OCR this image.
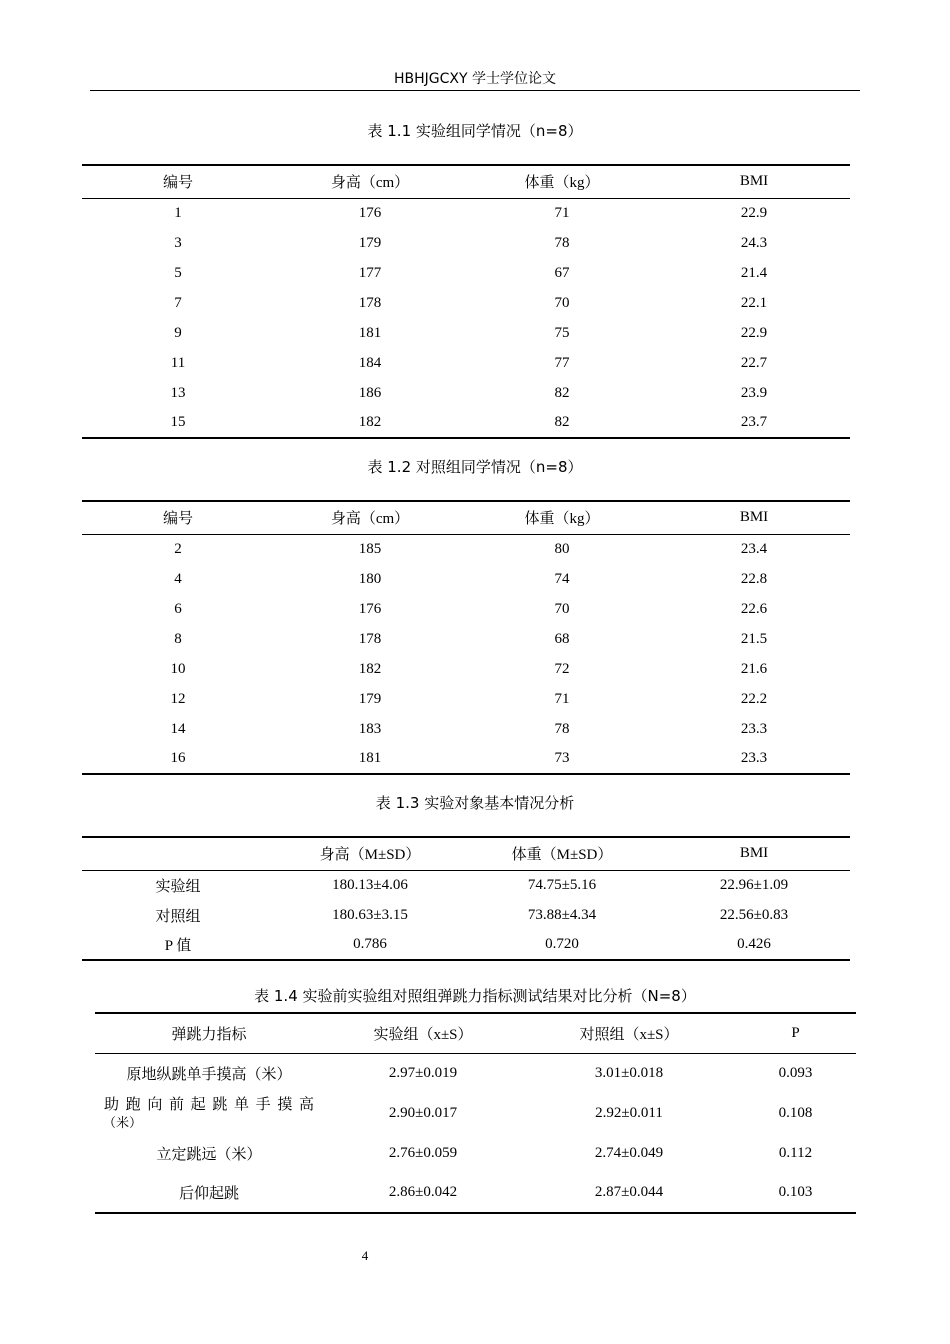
HBHJGCXY 学士学位论文
表 1.1 实验组同学情况（n=8）
编号	身高（cm）	体重（kg）	BMI
1	176	71	22.9
3	179	78	24.3
5	177	67	21.4
7	178	70	22.1
9	181	75	22.9
11	184	77	22.7
13	186	82	23.9
15	182	82	23.7
表 1.2 对照组同学情况（n=8）
编号	身高（cm）	体重（kg）	BMI
2	185	80	23.4
4	180	74	22.8
6	176	70	22.6
8	178	68	21.5
10	182	72	21.6
12	179	71	22.2
14	183	78	23.3
16	181	73	23.3
表 1.3 实验对象基本情况分析
	身高（M±SD）	体重（M±SD）	BMI
实验组	180.13±4.06	74.75±5.16	22.96±1.09
对照组	180.63±3.15	73.88±4.34	22.56±0.83
P 值	0.786	0.720	0.426
表 1.4 实验前实验组对照组弹跳力指标测试结果对比分析（N=8）
弹跳力指标	实验组（x±S）	对照组（x±S）	P
原地纵跳单手摸高（米）	2.97±0.019	3.01±0.018	0.093
助跑向前起跳单手摸高
（米）	2.90±0.017	2.92±0.011	0.108
立定跳远（米）	2.76±0.059	2.74±0.049	0.112
后仰起跳	2.86±0.042	2.87±0.044	0.103
4
